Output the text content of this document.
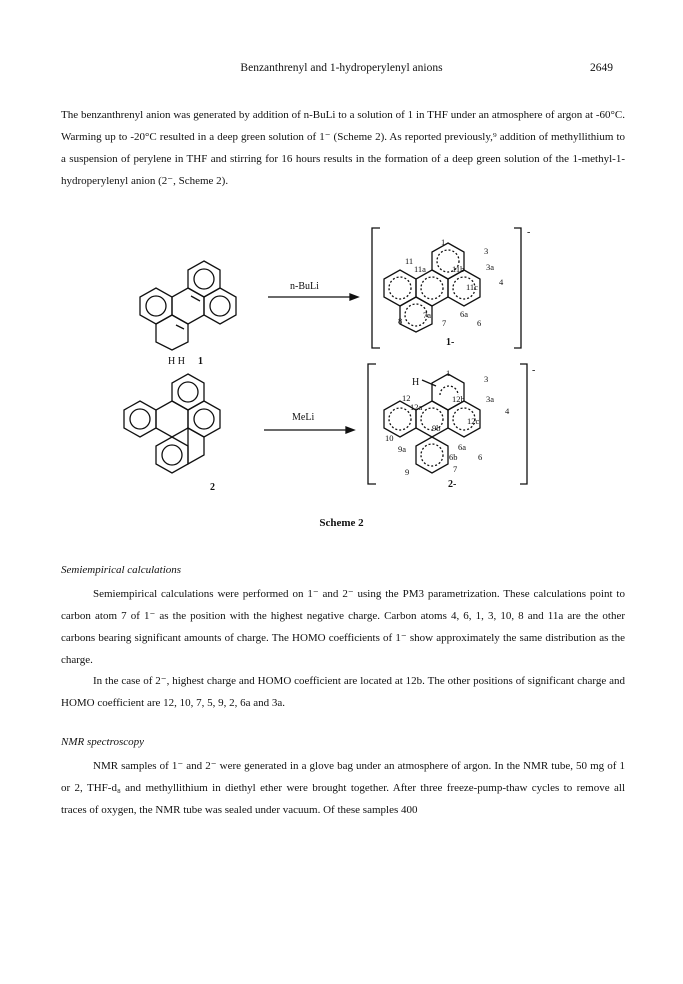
Benzanthrenyl and 1-hydroperylenyl anions	2649

The benzanthrenyl anion was generated by addition of n-BuLi to a solution of 1 in THF under an atmosphere of argon at -60°C. Warming up to -20°C resulted in a deep green solution of 1⁻ (Scheme 2). As reported previously,⁹ addition of methyllithium to a suspension of perylene in THF and stirring for 16 hours results in the formation of a deep green solution of the 1-methyl-1-hydroperylenyl anion (2⁻, Scheme 2).

H H 1
n-BuLi
-
1
3
3a
4
11
11a	11b
11c
8
7a
7
6a
6
1-
2
MeLi
-
H
1
3
3a
4
12
12a
12b
12c
9b
10
9a	6a
6b 6
9	7
2-
Scheme 2

Semiempirical calculations

Semiempirical calculations were performed on 1⁻ and 2⁻ using the PM3 parametrization. These calculations point to carbon atom 7 of 1⁻ as the position with the highest negative charge. Carbon atoms 4, 6, 1, 3, 10, 8 and 11a are the other carbons bearing significant amounts of charge. The HOMO coefficients of 1⁻ show approximately the same distribution as the charge.

In the case of 2⁻, highest charge and HOMO coefficient are located at 12b. The other positions of significant charge and HOMO coefficient are 12, 10, 7, 5, 9, 2, 6a and 3a.

NMR spectroscopy

NMR samples of 1⁻ and 2⁻ were generated in a glove bag under an atmosphere of argon. In the NMR tube, 50 mg of 1 or 2, THF-d₈ and methyllithium in diethyl ether were brought together. After three freeze-pump-thaw cycles to remove all traces of oxygen, the NMR tube was sealed under vacuum. Of these samples 400
